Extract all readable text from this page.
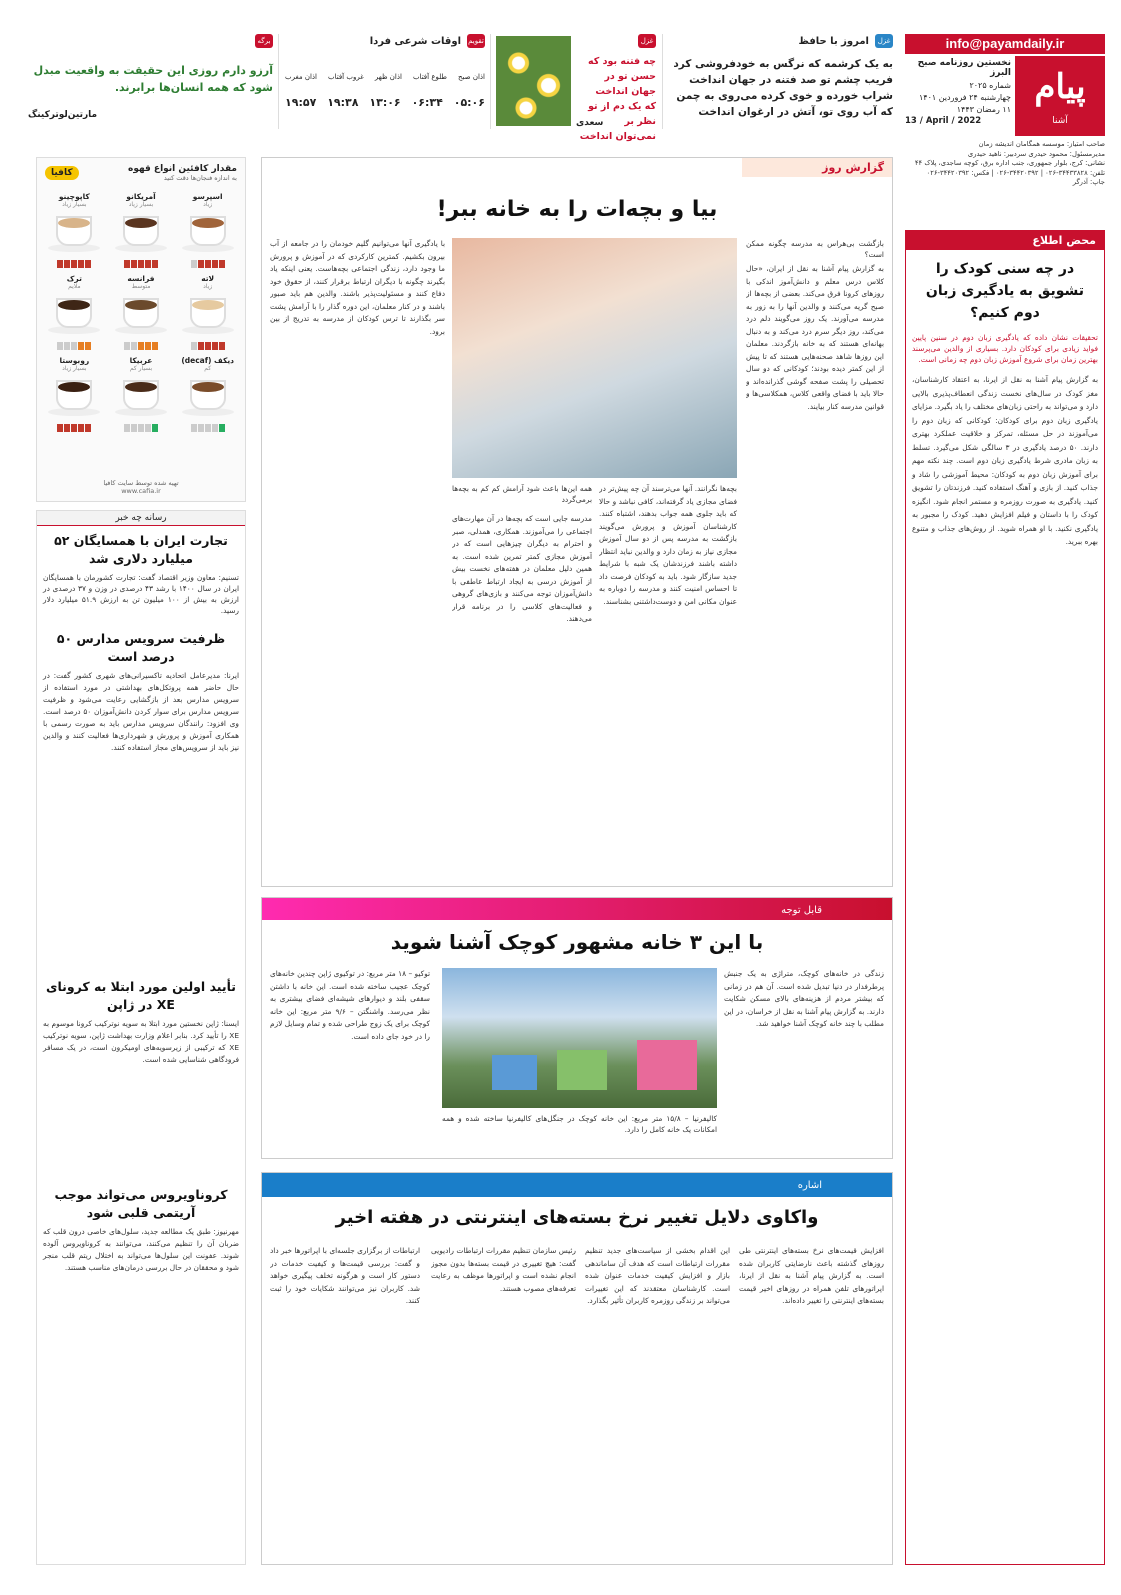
info@payamdaily.ir
پیام
آشنا
نخستین روزنامه صبح البرز
شماره ۲۰۲۵
چهارشنبه ۲۴ فروردین ۱۴۰۱
۱۱ رمضان ۱۴۴۳
13 / April / 2022
صاحب امتیاز: موسسه همگامان اندیشه زمان
مدیرمسئول: محمود حیدری سردبیر: ناهید حیدری
نشانی: کرج، بلوار جمهوری، جنب اداره برق، کوچه ساجدی، پلاک ۴۴
تلفن: ۳۴۴۳۳۸۲۸-۰۲۶ | ۳۴۴۲۰۳۹۲-۰۲۶ | فکس: ۳۴۴۲۰۳۹۲-۰۲۶
جاپ: آذرگر
غزل ۱۰۷
امروز با حافظ
به یک کرشمه که نرگس به خودفروشی کرد
فریب چشم تو صد فتنه در جهان انداخت
شراب خورده و خوی کرده می‌روی به چمن
که آب روی تو، آتش در ارغوان انداخت
غزل
چه فتنه بود که حسن تو در
جهان انداخت
که یک دم از تو نظر بر
نمی‌توان انداخت
سعدی
تقویم
اوقات شرعی فردا
اذان صبح
طلوع آفتاب
اذان ظهر
غروب آفتاب
اذان مغرب
۰۵:۰۶
۰۶:۳۴
۱۳:۰۶
۱۹:۳۸
۱۹:۵۷
برگه
آرزو دارم روزی این حقیقت به واقعیت مبدل شود که همه انسان‌ها برابرند.
مارتین‌لوترکینگ
محض اطلاع
در چه سنی کودک را تشویق به یادگیری زبان دوم کنیم؟
تحقیقات نشان داده که یادگیری زبان دوم در سنین پایین فواید زیادی برای کودکان دارد. بسیاری از والدین می‌پرسند بهترین زمان برای شروع آموزش زبان دوم چه زمانی است.
به گزارش پیام آشنا به نقل از ایرنا، به اعتقاد کارشناسان، مغز کودک در سال‌های نخست زندگی انعطاف‌پذیری بالایی دارد و می‌تواند به راحتی زبان‌های مختلف را یاد بگیرد. مزایای یادگیری زبان دوم برای کودکان: کودکانی که زبان دوم را می‌آموزند در حل مسئله، تمرکز و خلاقیت عملکرد بهتری دارند. ۵۰ درصد یادگیری در ۳ سالگی شکل می‌گیرد. تسلط به زبان مادری شرط یادگیری زبان دوم است. چند نکته مهم برای آموزش زبان دوم به کودکان: محیط آموزشی را شاد و جذاب کنید. از بازی و آهنگ استفاده کنید. فرزندتان را تشویق کنید. یادگیری به صورت روزمره و مستمر انجام شود. انگیزه کودک را با داستان و فیلم افزایش دهید. کودک را مجبور به یادگیری نکنید. با او همراه شوید. از روش‌های جذاب و متنوع بهره ببرید.
گزارش روز
بیا و بچه‌ات را به خانه ببر!
بازگشت بی‌هراس به مدرسه چگونه ممکن است؟
به گزارش پیام آشنا به نقل از ایران، «حال کلاس درس معلم و دانش‌آموز اندکی با روزهای کرونا فرق می‌کند. بعضی از بچه‌ها از صبح گریه می‌کنند و والدین آنها را به زور به مدرسه می‌آورند. یک روز می‌گویند دلم درد می‌کند، روز دیگر سرم درد می‌کند و به دنبال بهانه‌ای هستند که به خانه بازگردند. معلمان این روزها شاهد صحنه‌هایی هستند که تا پیش از این کمتر دیده بودند؛ کودکانی که دو سال تحصیلی را پشت صفحه گوشی گذرانده‌اند و حالا باید با فضای واقعی کلاس، همکلاسی‌ها و قوانین مدرسه کنار بیایند.
همه این‌ها باعث شود آرامش کم کم به بچه‌ها برمی‌گردد
بچه‌ها نگرانند. آنها می‌ترسند آن چه پیش‌تر در فضای مجازی یاد گرفته‌اند، کافی نباشد و حالا که باید جلوی همه جواب بدهند، اشتباه کنند. کارشناسان آموزش و پرورش می‌گویند بازگشت به مدرسه پس از دو سال آموزش مجازی نیاز به زمان دارد و والدین نباید انتظار داشته باشند فرزندشان یک شبه با شرایط جدید سازگار شود. باید به کودکان فرصت داد تا احساس امنیت کنند و مدرسه را دوباره به عنوان مکانی امن و دوست‌داشتنی بشناسند.
مدرسه جایی است که بچه‌ها در آن مهارت‌های اجتماعی را می‌آموزند. همکاری، همدلی، صبر و احترام به دیگران چیزهایی است که در آموزش مجازی کمتر تمرین شده است. به همین دلیل معلمان در هفته‌های نخست بیش از آموزش درسی به ایجاد ارتباط عاطفی با دانش‌آموزان توجه می‌کنند و بازی‌های گروهی و فعالیت‌های کلاسی را در برنامه قرار می‌دهند.
با یادگیری آنها می‌توانیم گلیم خودمان را در جامعه از آب بیرون بکشیم. کمترین کارکردی که در آموزش و پرورش ما وجود دارد، زندگی اجتماعی بچه‌هاست. یعنی اینکه یاد بگیرند چگونه با دیگران ارتباط برقرار کنند، از حقوق خود دفاع کنند و مسئولیت‌پذیر باشند. والدین هم باید صبور باشند و در کنار معلمان، این دوره گذار را با آرامش پشت سر بگذارند تا ترس کودکان از مدرسه به تدریج از بین برود.
قابل توجه
با این ۳ خانه مشهور کوچک آشنا شوید
زندگی در خانه‌های کوچک، متراژی به یک جنبش پرطرفدار در دنیا تبدیل شده است. آن هم در زمانی که بیشتر مردم از هزینه‌های بالای مسکن شکایت دارند. به گزارش پیام آشنا به نقل از خراسان، در این مطلب با چند خانه کوچک آشنا خواهید شد.
کالیفرنیا – ۱۵/۸ متر مربع: این خانه کوچک در جنگل‌های کالیفرنیا ساخته شده و همه امکانات یک خانه کامل را دارد.
توکیو – ۱۸ متر مربع: در توکیوی ژاپن چندین خانه‌های کوچک عجیب ساخته شده است. این خانه با داشتن سقفی بلند و دیوارهای شیشه‌ای فضای بیشتری به نظر می‌رسد. واشنگتن – ۹/۶ متر مربع: این خانه کوچک برای یک زوج طراحی شده و تمام وسایل لازم را در خود جای داده است.
اشاره
واکاوی دلایل تغییر نرخ بسته‌های اینترنتی در هفته اخیر
افزایش قیمت‌های نرخ بسته‌های اینترنتی طی روزهای گذشته باعث نارضایتی کاربران شده است. به گزارش پیام آشنا به نقل از ایرنا، اپراتورهای تلفن همراه در روزهای اخیر قیمت بسته‌های اینترنتی را تغییر داده‌اند.
این اقدام بخشی از سیاست‌های جدید تنظیم مقررات ارتباطات است که هدف آن ساماندهی بازار و افزایش کیفیت خدمات عنوان شده است. کارشناسان معتقدند که این تغییرات می‌تواند بر زندگی روزمره کاربران تأثیر بگذارد.
رئیس سازمان تنظیم مقررات ارتباطات رادیویی گفت: هیچ تغییری در قیمت بسته‌ها بدون مجوز انجام نشده است و اپراتورها موظف به رعایت تعرفه‌های مصوب هستند.
ارتباطات از برگزاری جلسه‌ای با اپراتورها خبر داد و گفت: بررسی قیمت‌ها و کیفیت خدمات در دستور کار است و هرگونه تخلف پیگیری خواهد شد. کاربران نیز می‌توانند شکایات خود را ثبت کنند.
مقدار کافئین انواع قهوه
به اندازه فنجان‌ها دقت کنید
کافیا
اسپرسو
زیاد
آمریکانو
بسیار زیاد
کاپوچینو
بسیار زیاد
لاته
زیاد
فرانسه
متوسط
ترک
ملایم
دیکف (decaf)
کم
عربیکا
بسیار کم
روبوستا
بسیار زیاد
تهیه شده توسط سایت کافیا
www.cafia.ir
رسانه چه خبر
تجارت ایران با همسایگان ۵۲ میلیارد دلاری شد
تسنیم: معاون وزیر اقتصاد گفت: تجارت کشورمان با همسایگان ایران در سال ۱۴۰۰ با رشد ۴۳ درصدی در وزن و ۳۷ درصدی در ارزش به بیش از ۱۰۰ میلیون تن به ارزش ۵۱.۹ میلیارد دلار رسید.
ظرفیت سرویس مدارس ۵۰ درصد است
ایرنا: مدیرعامل اتحادیه تاکسیرانی‌های شهری کشور گفت: در حال حاضر همه پروتکل‌های بهداشتی در مورد استفاده از سرویس مدارس بعد از بازگشایی رعایت می‌شود و ظرفیت سرویس مدارس برای سوار کردن دانش‌آموزان ۵۰ درصد است. وی افزود: رانندگان سرویس مدارس باید به صورت رسمی با همکاری آموزش و پرورش و شهرداری‌ها فعالیت کنند و والدین نیز باید از سرویس‌های مجاز استفاده کنند.
تأیید اولین مورد ابتلا به کرونای XE در ژاپن
ایسنا: ژاپن نخستین مورد ابتلا به سویه نوترکیب کرونا موسوم به XE را تأیید کرد. بنابر اعلام وزارت بهداشت ژاپن، سویه نوترکیب XE که ترکیبی از زیرسویه‌های اومیکرون است، در یک مسافر فرودگاهی شناسایی شده است.
کروناویروس می‌تواند موجب آریتمی قلبی شود
مهرنیوز: طبق یک مطالعه جدید، سلول‌های خاصی درون قلب که ضربان آن را تنظیم می‌کنند، می‌توانند به کروناویروس آلوده شوند. عفونت این سلول‌ها می‌تواند به اختلال ریتم قلب منجر شود و محققان در حال بررسی درمان‌های مناسب هستند.
